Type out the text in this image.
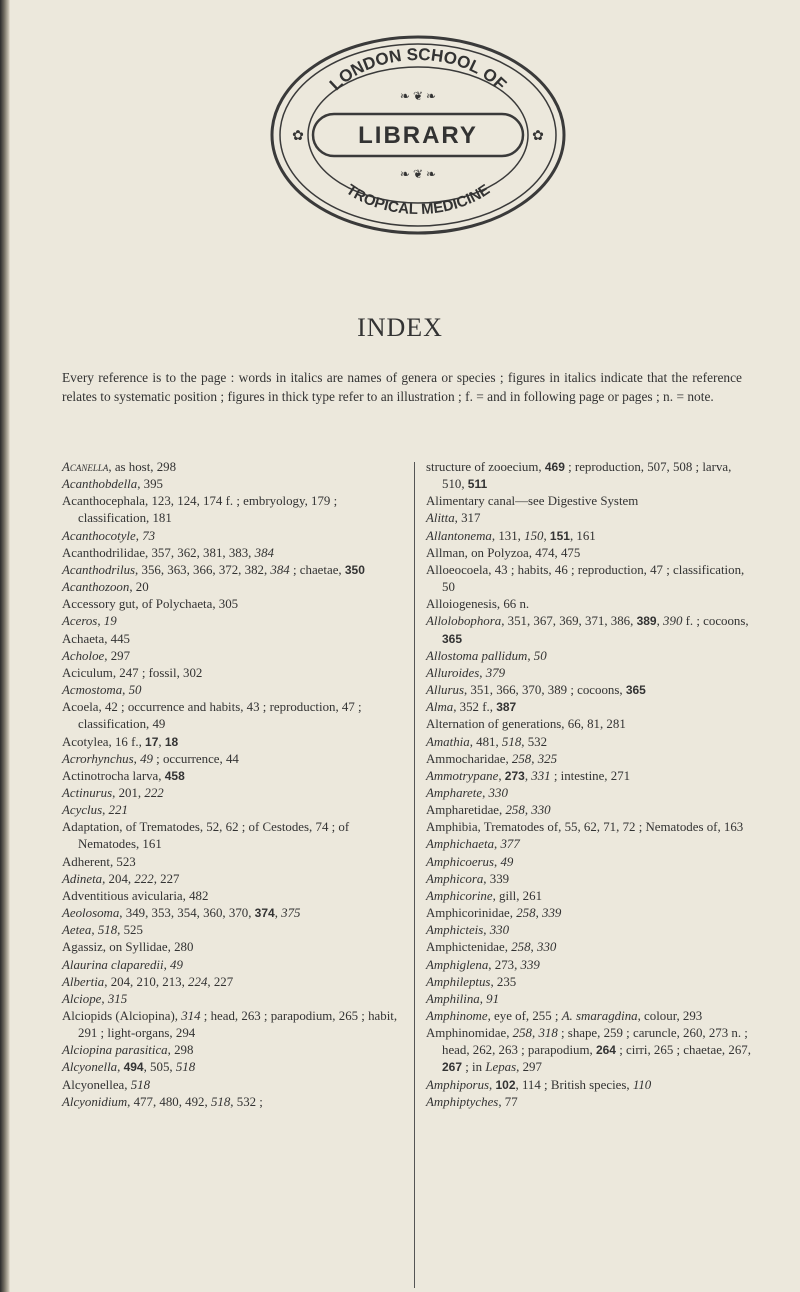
LONDON SCHOOL OF
TROPICAL MEDICINE
LIBRARY
✿	✿
❧ ❦ ❧
❧ ❦ ❧
INDEX
Every reference is to the page : words in italics are names of genera or species ; figures in italics indicate that the reference relates to systematic position ; figures in thick type refer to an illustration ; f. = and in following page or pages ; n. = note.
Acanella, as host, 298
Acanthobdella, 395
Acanthocephala, 123, 124, 174 f. ; embryology, 179 ; classification, 181
Acanthocotyle, 73
Acanthodrilidae, 357, 362, 381, 383, 384
Acanthodrilus, 356, 363, 366, 372, 382, 384 ; chaetae, 350
Acanthozoon, 20
Accessory gut, of Polychaeta, 305
Aceros, 19
Achaeta, 445
Acholoe, 297
Aciculum, 247 ; fossil, 302
Acmostoma, 50
Acoela, 42 ; occurrence and habits, 43 ; reproduction, 47 ; classification, 49
Acotylea, 16 f., 17, 18
Acrorhynchus, 49 ; occurrence, 44
Actinotrocha larva, 458
Actinurus, 201, 222
Acyclus, 221
Adaptation, of Trematodes, 52, 62 ; of Cestodes, 74 ; of Nematodes, 161
Adherent, 523
Adineta, 204, 222, 227
Adventitious avicularia, 482
Aeolosoma, 349, 353, 354, 360, 370, 374, 375
Aetea, 518, 525
Agassiz, on Syllidae, 280
Alaurina claparedii, 49
Albertia, 204, 210, 213, 224, 227
Alciope, 315
Alciopids (Alciopina), 314 ; head, 263 ; parapodium, 265 ; habit, 291 ; light-organs, 294
Alciopina parasitica, 298
Alcyonella, 494, 505, 518
Alcyonellea, 518
Alcyonidium, 477, 480, 492, 518, 532 ;
structure of zooecium, 469 ; reproduction, 507, 508 ; larva, 510, 511
Alimentary canal—see Digestive System
Alitta, 317
Allantonema, 131, 150, 151, 161
Allman, on Polyzoa, 474, 475
Alloeocoela, 43 ; habits, 46 ; reproduction, 47 ; classification, 50
Alloiogenesis, 66 n.
Allolobophora, 351, 367, 369, 371, 386, 389, 390 f. ; cocoons, 365
Allostoma pallidum, 50
Alluroides, 379
Allurus, 351, 366, 370, 389 ; cocoons, 365
Alma, 352 f., 387
Alternation of generations, 66, 81, 281
Amathia, 481, 518, 532
Ammocharidae, 258, 325
Ammotrypane, 273, 331 ; intestine, 271
Ampharete, 330
Ampharetidae, 258, 330
Amphibia, Trematodes of, 55, 62, 71, 72 ; Nematodes of, 163
Amphichaeta, 377
Amphicoerus, 49
Amphicora, 339
Amphicorine, gill, 261
Amphicorinidae, 258, 339
Amphicteis, 330
Amphictenidae, 258, 330
Amphiglena, 273, 339
Amphileptus, 235
Amphilina, 91
Amphinome, eye of, 255 ; A. smaragdina, colour, 293
Amphinomidae, 258, 318 ; shape, 259 ; caruncle, 260, 273 n. ; head, 262, 263 ; parapodium, 264 ; cirri, 265 ; chaetae, 267, 267 ; in Lepas, 297
Amphiporus, 102, 114 ; British species, 110
Amphiptyches, 77
